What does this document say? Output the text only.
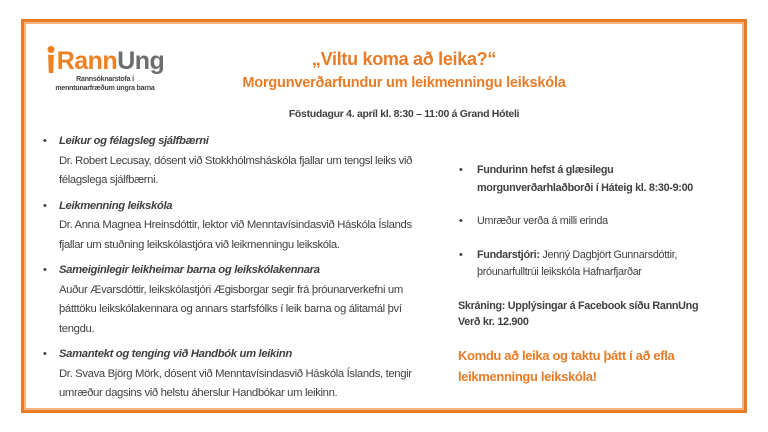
Rann Ung
Rannsóknarstofa í
menntunarfræðum ungra barna
„Viltu koma að leika?“
Morgunverðarfundur um leikmenningu leikskóla
Föstudagur 4. apríl kl. 8:30 – 11:00 á Grand Hóteli
• Leikur og félagsleg sjálfbærni
Dr. Robert Lecusay, dósent við Stokkhólmsháskóla fjallar um tengsl leiks við félagslega sjálfbærni.
• Leikmenning leikskóla
Dr. Anna Magnea Hreinsdóttir, lektor við Menntavísindasvið Háskóla Íslands fjallar um stuðning leikskólastjóra við leikmenningu leikskóla.
• Sameiginlegir leikheimar barna og leikskólakennara
Auður Ævarsdóttir, leikskólastjóri Ægisborgar segir frá þróunarverkefni um þátttöku leikskólakennara og annars starfsfólks í leik barna og álitamál því tengdu.
• Samantekt og tenging við Handbók um leikinn
Dr. Svava Björg Mörk, dósent við Menntavísindasvið Háskóla Íslands, tengir umræður dagsins við helstu áherslur Handbókar um leikinn.
• Fundurinn hefst á glæsilegu morgunverðarhlaðborði í Háteig kl. 8:30-9:00
• Umræður verða á milli erinda
• Fundarstjóri: Jenný Dagbjört Gunnarsdóttir, þróunarfulltrúi leikskóla Hafnarfjarðar
Skráning: Upplýsingar á Facebook síðu RannUng
Verð kr. 12.900
Komdu að leika og taktu þátt í að efla leikmenningu leikskóla!
